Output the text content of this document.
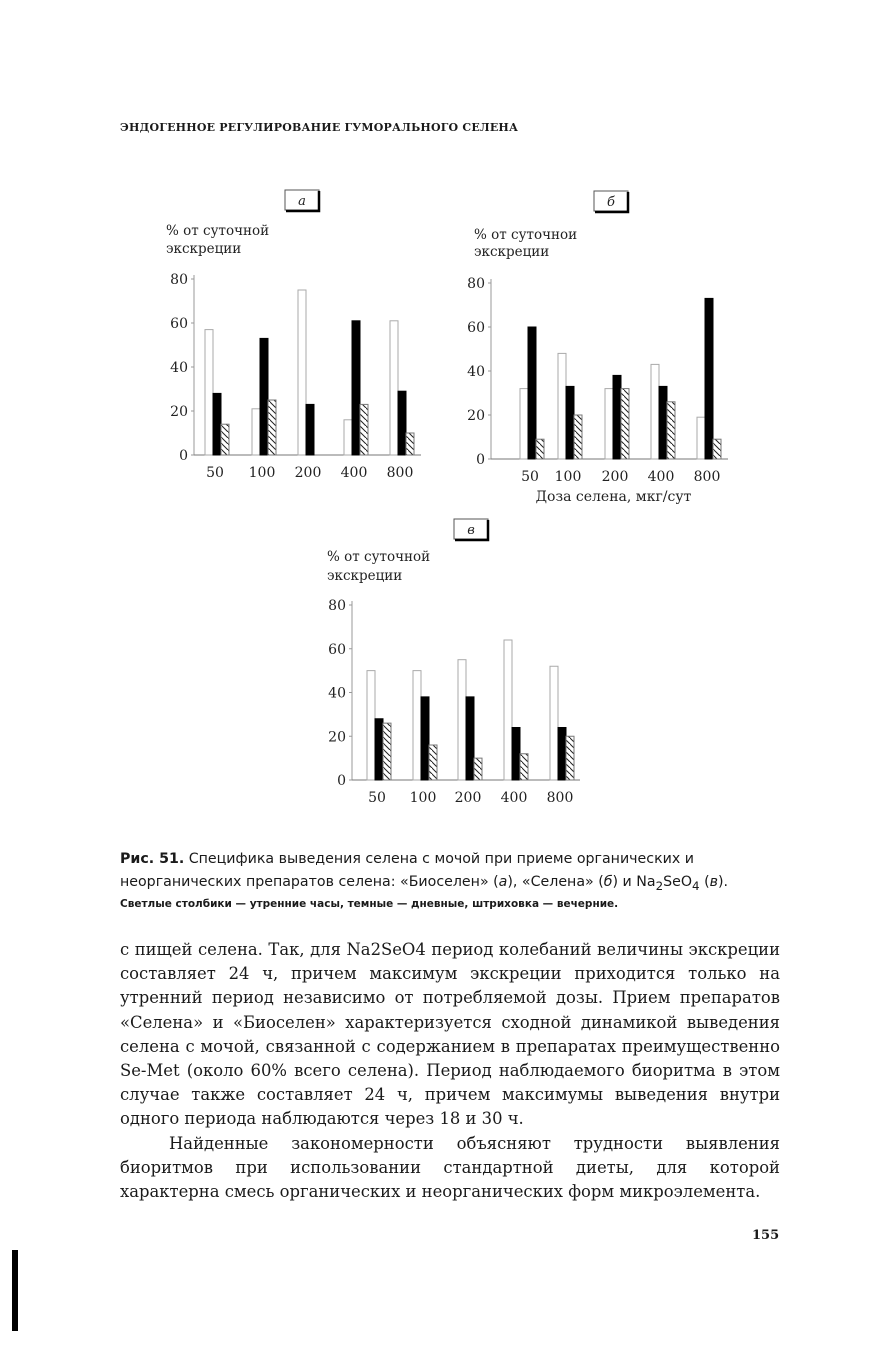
ЭНДОГЕННОЕ РЕГУЛИРОВАНИЕ ГУМОРАЛЬНОГО СЕЛЕНА
а
% от суточной
экскреции
0
20
40
60
80
50 100 200 400 800
б
% от суточнои
экскреции
0
20
40
60
80
50 100 200 400 800
Доза селена, мкг/сут
в
% от суточной
экскреции
0
20
40
60
80
50 100 200 400 800
Рис. 51. Специфика выведения селена с мочой при приеме органических и неорганических препаратов селена: «Биоселен» (а), «Селена» (б) и $Na_2SeO_4$ (в).
Светлые столбики — утренние часы, темные — дневные, штриховка — вечерние.

с пищей селена. Так, для Na2SeO4 период колебаний величины экскреции составляет 24 ч, причем максимум экскреции приходится только на утренний период независимо от потребляемой дозы. Прием препаратов «Селена» и «Биоселен» характеризуется сходной динамикой выведения селена с мочой, связанной с содержанием в препаратах преимущественно Se-Met (около 60% всего селена). Период наблюдаемого биоритма в этом случае также составляет 24 ч, причем максимумы выведения внутри одного периода наблюдаются через 18 и 30 ч.

Найденные закономерности объясняют трудности выявления биоритмов при использовании стандартной диеты, для которой характерна смесь органических и неорганических форм микроэлемента.

155
